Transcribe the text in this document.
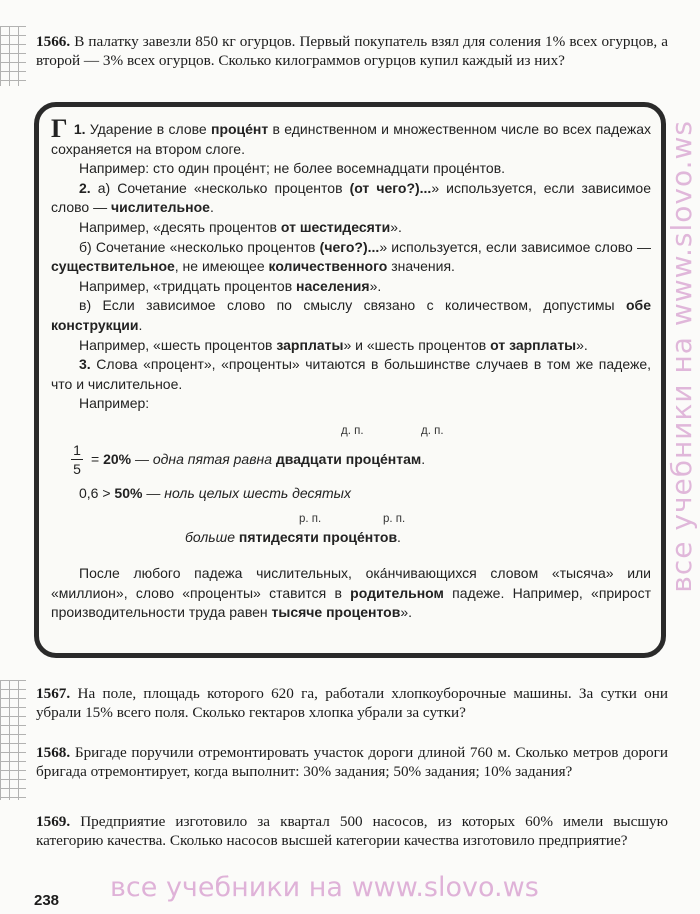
1566. В палатку завезли 850 кг огурцов. Первый покупатель взял для соления 1% всех огурцов, а второй — 3% всех огурцов. Сколько килограммов огурцов купил каждый из них?

Г 1. Ударение в слове проце́нт в единственном и множественном числе во всех падежах сохраняется на втором слоге.

Например: сто один проце́нт; не более восемнадцати проце́нтов.

2. а) Сочетание «несколько процентов (от чего?)...» используется, если зависимое слово — числительное.

Например, «десять процентов от шестидесяти».

б) Сочетание «несколько процентов (чего?)...» используется, если зависимое слово — существительное, не имеющее количественного значения.

Например, «тридцать процентов населения».

в) Если зависимое слово по смыслу связано с количеством, допустимы обе конструкции.

Например, «шесть процентов зарплаты» и «шесть процентов от зарплаты».

3. Слова «процент», «проценты» читаются в большинстве случаев в том же падеже, что и числительное.

Например:

д. п.	д. п.
1
5
= 20% — одна пятая равна двадцати проце́нтам.
0,6 > 50% — ноль целых шесть десятых
р. п.	р. п.
больше пятидесяти проце́нтов.

После любого падежа числительных, ока́нчивающихся словом «тысяча» или «миллион», слово «проценты» ставится в родительном падеже. Например, «прирост производительности труда равен тысяче процентов».

1567. На поле, площадь которого 620 га, работали хлопкоуборочные машины. За сутки они убрали 15% всего поля. Сколько гектаров хлопка убрали за сутки?
1568. Бригаде поручили отремонтировать участок дороги длиной 760 м. Сколько метров дороги бригада отремонтирует, когда выполнит: 30% задания; 50% задания; 10% задания?
1569. Предприятие изготовило за квартал 500 насосов, из которых 60% имели высшую категорию качества. Сколько насосов высшей категории качества изготовило предприятие?
все учебники на www.slovo.ws
все учебники на www.slovo.ws
238
